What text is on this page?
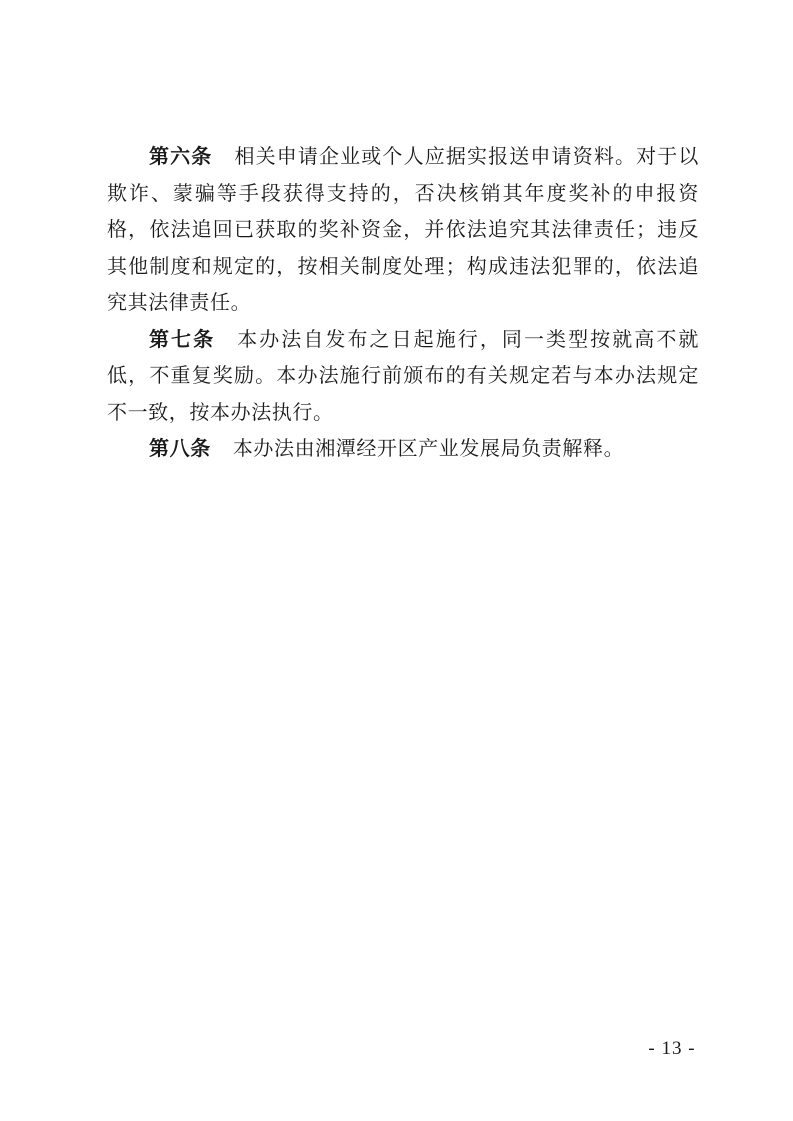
第六条 相关申请企业或个人应据实报送申请资料。对于以欺诈、蒙骗等手段获得支持的，否决核销其年度奖补的申报资格，依法追回已获取的奖补资金，并依法追究其法律责任；违反其他制度和规定的，按相关制度处理；构成违法犯罪的，依法追究其法律责任。

第七条 本办法自发布之日起施行，同一类型按就高不就低，不重复奖励。本办法施行前颁布的有关规定若与本办法规定不一致，按本办法执行。

第八条 本办法由湘潭经开区产业发展局负责解释。

- 13 -
